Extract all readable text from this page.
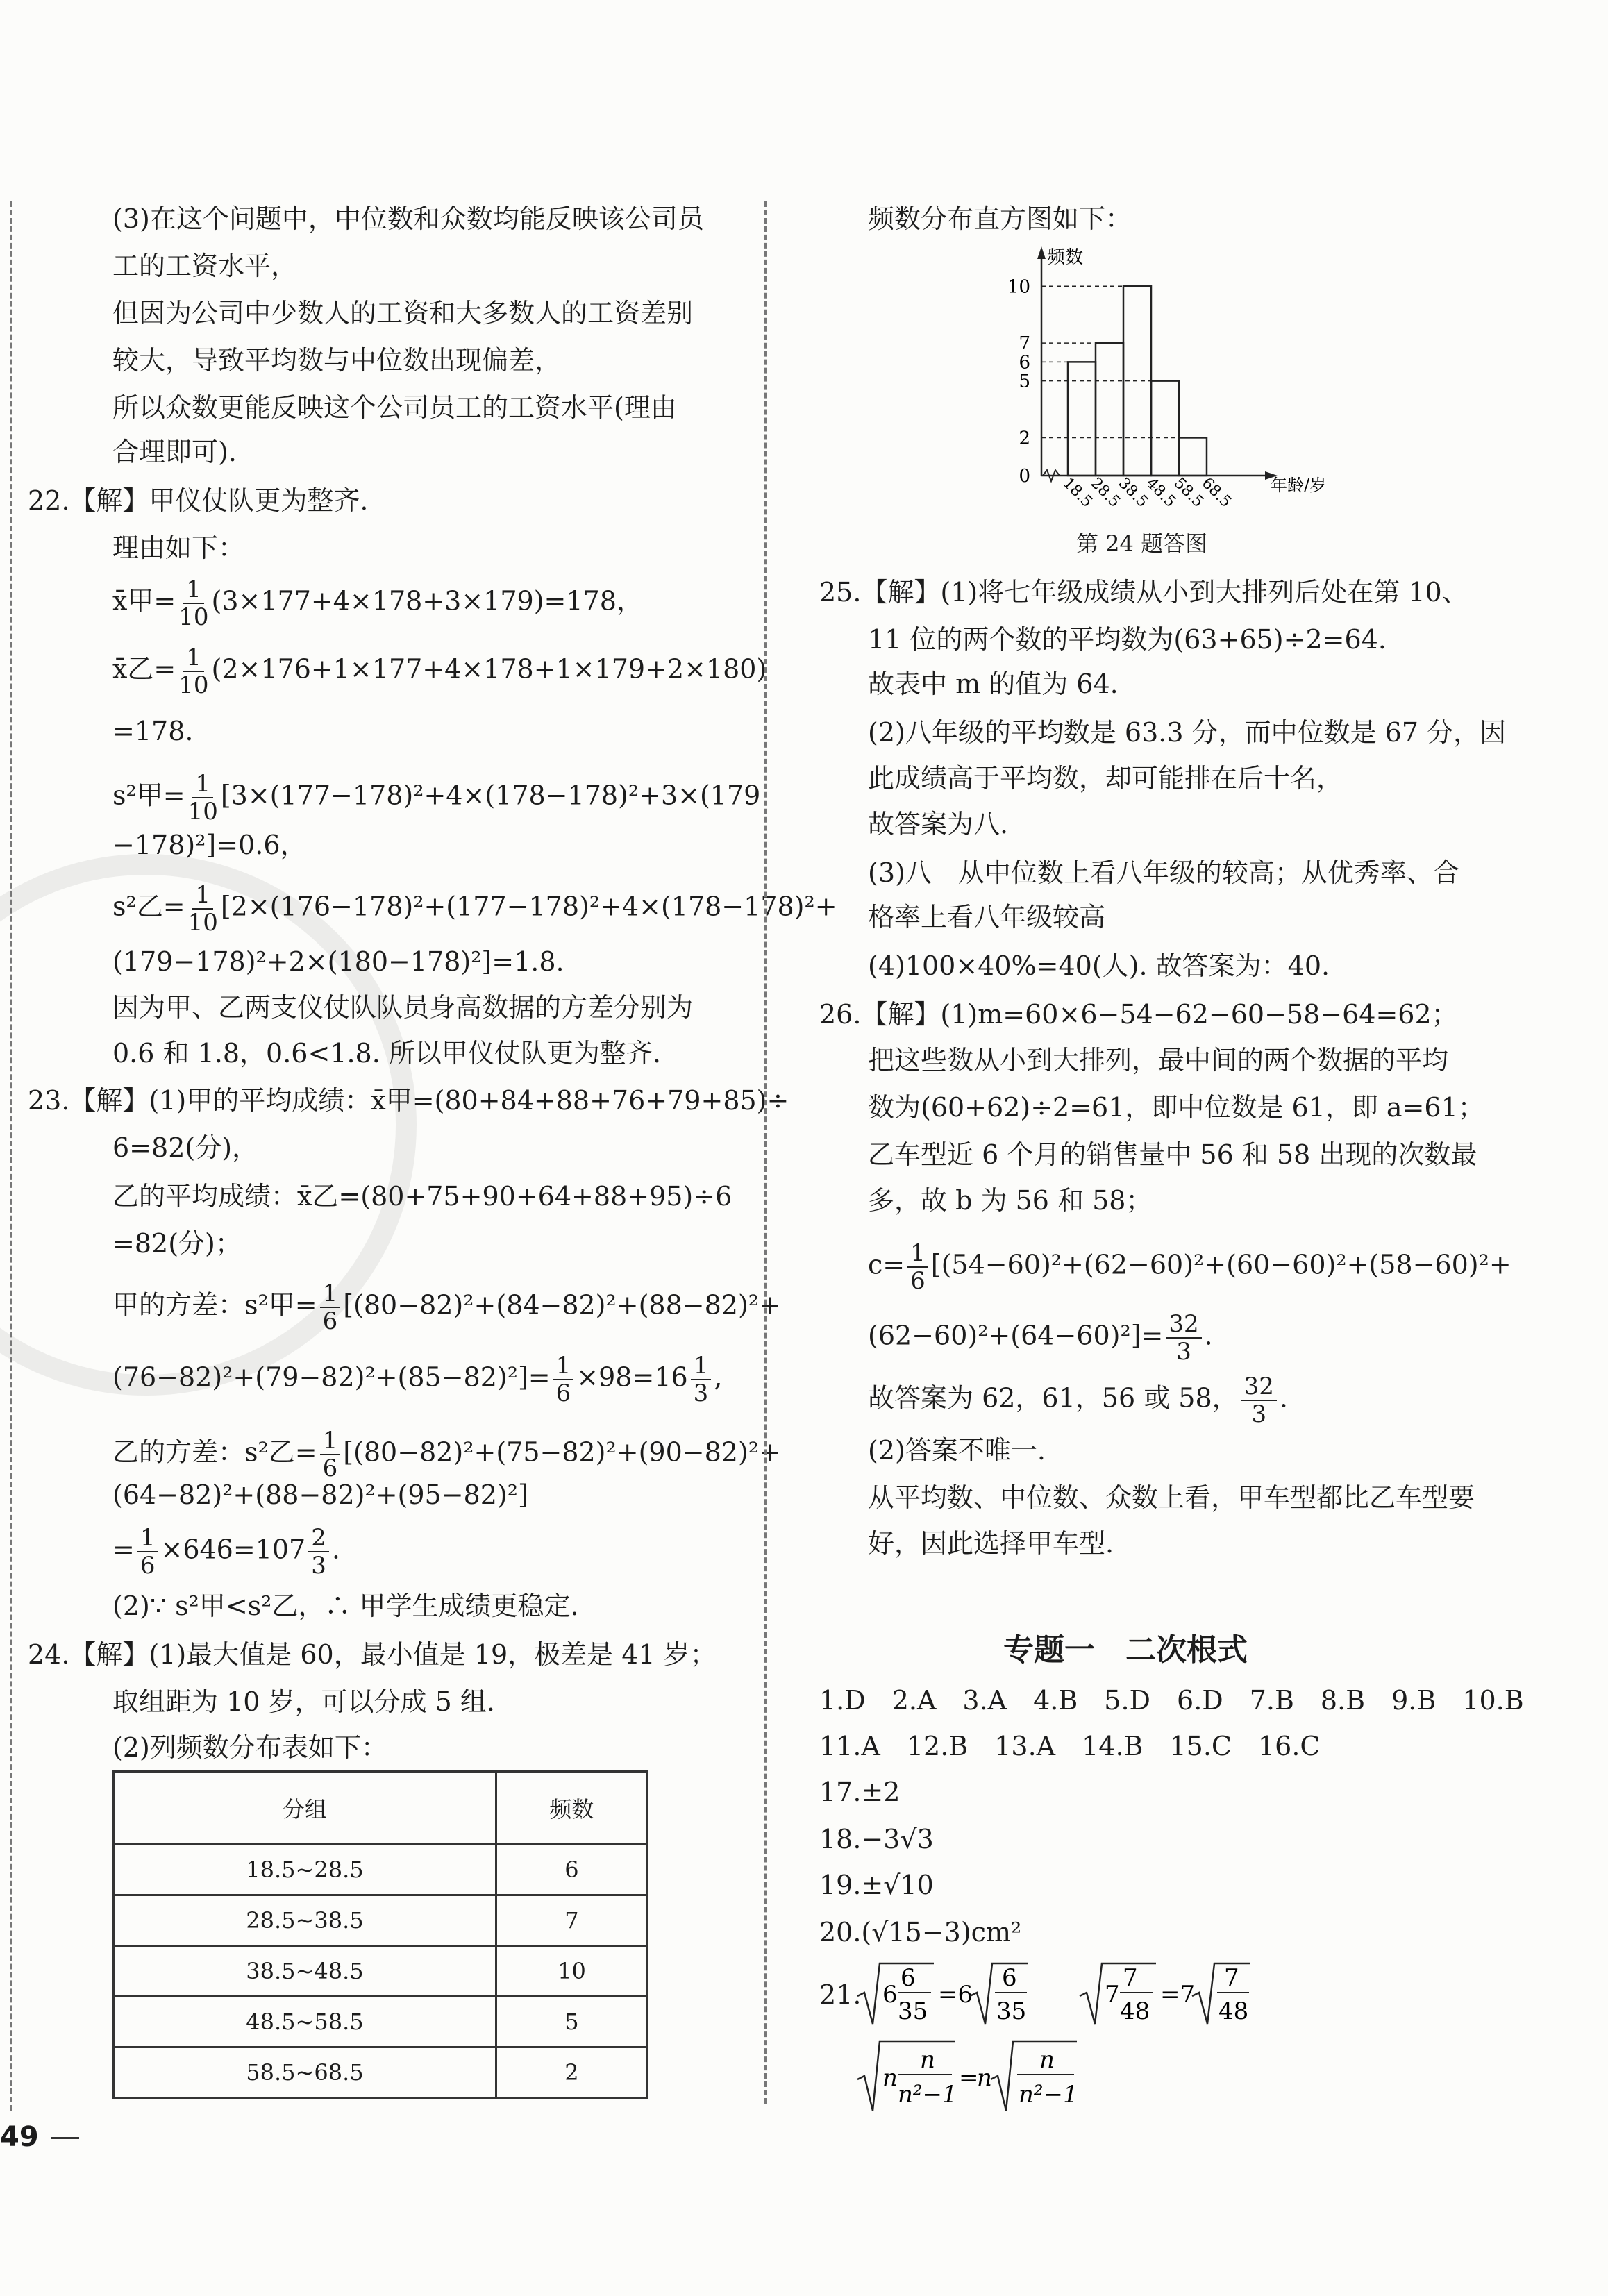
(3)在这个问题中，中位数和众数均能反映该公司员
工的工资水平，
但因为公司中少数人的工资和大多数人的工资差别
较大，导致平均数与中位数出现偏差，
所以众数更能反映这个公司员工的工资水平(理由
合理即可).
22.【解】甲仪仗队更为整齐.
理由如下：
x̄甲= $\frac{1}{10} (3\times 177+4\times 178+3\times 179)=178$，
x̄乙= $\frac{1}{10} (2\times 176+1\times 177+4\times 178+1\times 179+2\times 180)$
=178.
s²甲= $\frac{1}{10} [3\times(177-178)^2+4\times(178-178)^2+3\times(179$
−178)²]=0.6，
s²乙= $\frac{1}{10} [2\times(176-178)^2+(177-178)^2+4\times(178-178)^2+$
(179−178)²+2×(180−178)²]=1.8.
因为甲、乙两支仪仗队队员身高数据的方差分别为
0.6 和 1.8，0.6<1.8. 所以甲仪仗队更为整齐.
23.【解】(1)甲的平均成绩：x̄甲=(80+84+88+76+79+85)÷
6=82(分)，
乙的平均成绩：x̄乙=(80+75+90+64+88+95)÷6
=82(分)；
甲的方差：s²甲= $\frac{1}{6} [(80-82)^2+(84-82)^2+(88-82)^2+$
$(76-82)^2+(79-82)^2+(85-82)^2]= \frac{1}{6} \times 98=16 \frac{1}{3}$ ,
乙的方差：s²乙= $\frac{1}{6} [(80-82)^2+(75-82)^2+(90-82)^2+$
(64−82)²+(88−82)²+(95−82)²]
= $\frac{1}{6} \times 646=107 \frac{2}{3}$ .
(2)∵ s²甲<s²乙，∴ 甲学生成绩更稳定.
24.【解】(1)最大值是 60，最小值是 19，极差是 41 岁；
取组距为 10 岁，可以分成 5 组.
(2)列频数分布表如下：
分组	频数
18.5~28.5	6
28.5~38.5	7
38.5~48.5	10
48.5~58.5	5
58.5~68.5	2
49
频数分布直方图如下：
频数
年龄/岁
0
2
5
6
7
10
18.5
28.5
38.5
48.5
58.5
68.5
第 24 题答图
25.【解】(1)将七年级成绩从小到大排列后处在第 10、
11 位的两个数的平均数为(63+65)÷2=64.
故表中 m 的值为 64.
(2)八年级的平均数是 63.3 分，而中位数是 67 分，因
此成绩高于平均数，却可能排在后十名，
故答案为八.
(3)八　从中位数上看八年级的较高；从优秀率、合
格率上看八年级较高
(4)100×40%=40(人). 故答案为：40.
26.【解】(1)m=60×6−54−62−60−58−64=62；
把这些数从小到大排列，最中间的两个数据的平均
数为(60+62)÷2=61，即中位数是 61，即 a=61；
乙车型近 6 个月的销售量中 56 和 58 出现的次数最
多，故 b 为 56 和 58；
$c= \frac{1}{6} [(54-60)^2+(62-60)^2+(60-60)^2+(58-60)^2+$
$(62-60)^2+(64-60)^2]= \frac{32}{3}$ .
故答案为 62，61，56 或 58， $\frac{32}{3}$ .
(2)答案不唯一.
从平均数、中位数、众数上看，甲车型都比乙车型要
好，因此选择甲车型.
专题一　二次根式
1.D　2.A　3.A　4.B　5.D　6.D　7.B　8.B　9.B　10.B
11.A　12.B　13.A　14.B　15.C　16.C
17.±2
18.−3√3
19.±√10
20.(√15−3)cm²
21. 6
6
35
=6
6
35
7
7
48
=7
7
48
n
n
n²−1
=
n
n
n²−1
